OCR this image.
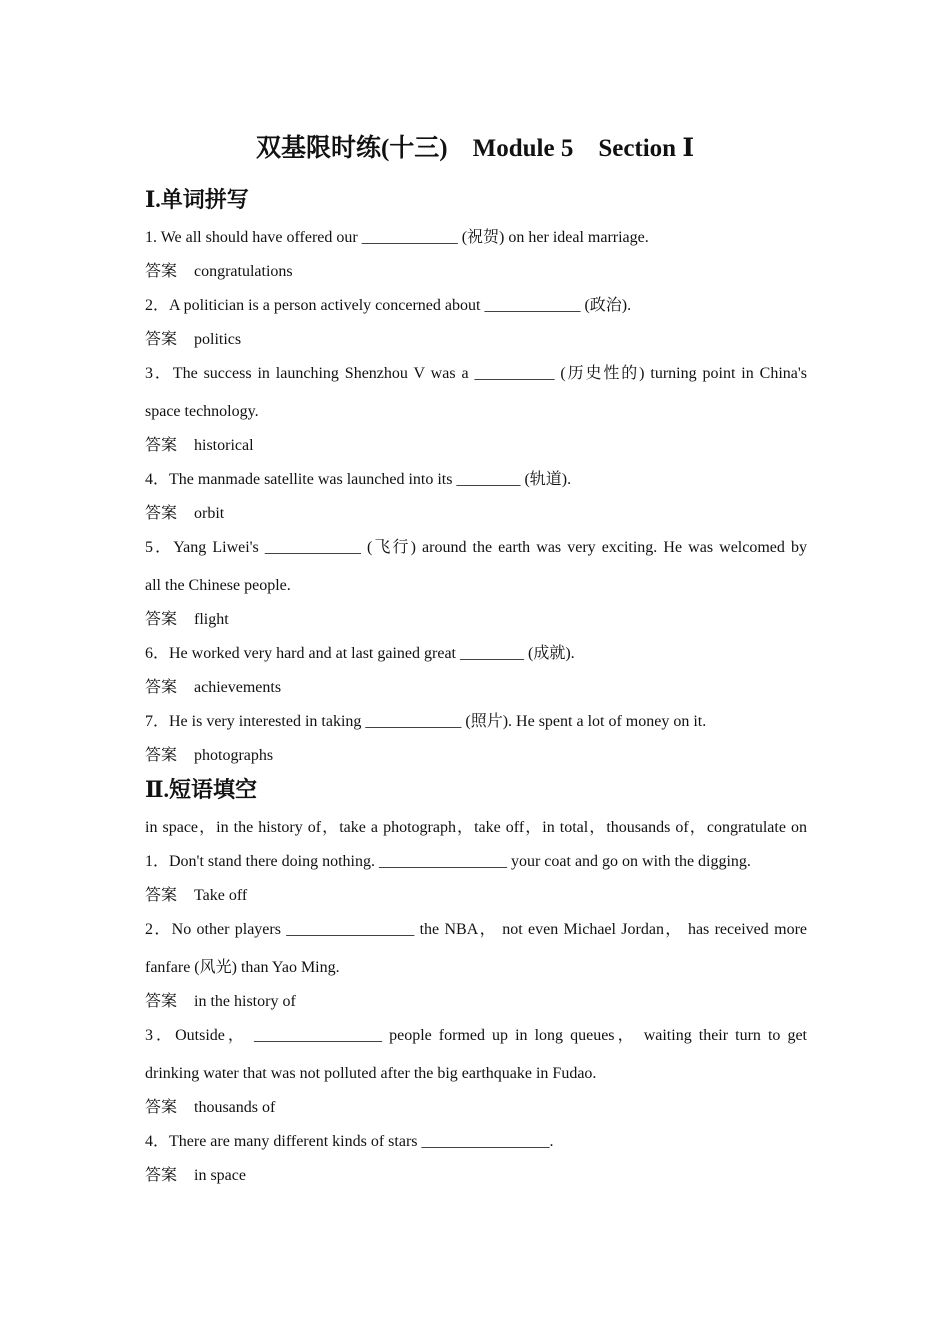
双基限时练(十三)　Module 5　Section Ⅰ
Ⅰ.单词拼写
1. We all should have offered our ____________ (祝贺) on her ideal marriage.
答案 congratulations
2．A politician is a person actively concerned about ____________ (政治).
答案 politics
3．The success in launching Shenzhou V was a __________ (历史性的) turning point in China's
space technology.
答案 historical
4．The manmade satellite was launched into its ________ (轨道).
答案 orbit
5．Yang Liwei's ____________ (飞行) around the earth was very exciting. He was welcomed by
all the Chinese people.
答案 flight
6．He worked very hard and at last gained great ________ (成就).
答案 achievements
7．He is very interested in taking ____________ (照片). He spent a lot of money on it.
答案 photographs
Ⅱ.短语填空
in space，in the history of，take a photograph，take off，in total，thousands of，congratulate on
1．Don't stand there doing nothing. ________________ your coat and go on with the digging.
答案 Take off
2．No other players ________________ the NBA， not even Michael Jordan， has received more
fanfare (风光) than Yao Ming.
答案 in the history of
3．Outside， ________________ people formed up in long queues， waiting their turn to get
drinking water that was not polluted after the big earthquake in Fudao.
答案 thousands of
4．There are many different kinds of stars ________________.
答案 in space
